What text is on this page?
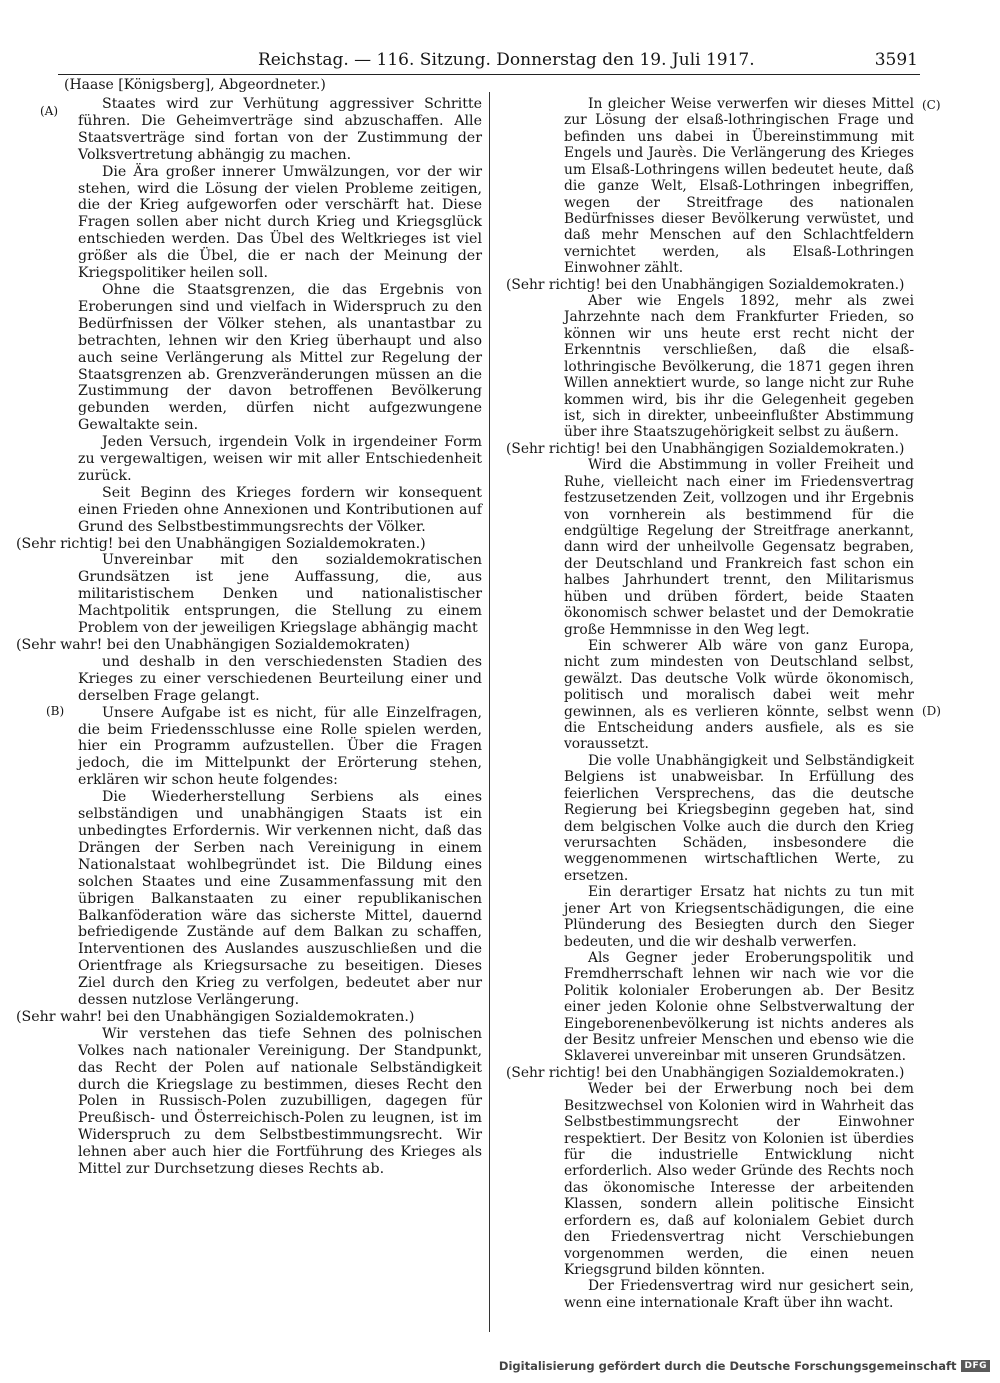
Reichstag. — 116. Sitzung. Donnerstag den 19. Juli 1917.	3591
(Haase [Königsberg], Abgeordneter.)
(A)
(B)
(C)
(D)

Staates wird zur Verhütung aggressiver Schritte führen. Die Geheimverträge sind abzuschaffen. Alle Staatsverträge sind fortan von der Zustimmung der Volksvertretung abhängig zu machen.

Die Ära großer innerer Umwälzungen, vor der wir stehen, wird die Lösung der vielen Probleme zeitigen, die der Krieg aufgeworfen oder verschärft hat. Diese Fragen sollen aber nicht durch Krieg und Kriegsglück entschieden werden. Das Übel des Weltkrieges ist viel größer als die Übel, die er nach der Meinung der Kriegspolitiker heilen soll.

Ohne die Staatsgrenzen, die das Ergebnis von Eroberungen sind und vielfach in Widerspruch zu den Bedürfnissen der Völker stehen, als unantastbar zu betrachten, lehnen wir den Krieg überhaupt und also auch seine Verlängerung als Mittel zur Regelung der Staatsgrenzen ab. Grenzveränderungen müssen an die Zustimmung der davon betroffenen Bevölkerung gebunden werden, dürfen nicht aufgezwungene Gewaltakte sein.

Jeden Versuch, irgendein Volk in irgendeiner Form zu vergewaltigen, weisen wir mit aller Entschiedenheit zurück.

Seit Beginn des Krieges fordern wir konsequent einen Frieden ohne Annexionen und Kontributionen auf Grund des Selbstbestimmungsrechts der Völker.

(Sehr richtig! bei den Unabhängigen Sozialdemokraten.)

Unvereinbar mit den sozialdemokratischen Grundsätzen ist jene Auffassung, die, aus militaristischem Denken und nationalistischer Machtpolitik entsprungen, die Stellung zu einem Problem von der jeweiligen Kriegslage abhängig macht

(Sehr wahr! bei den Unabhängigen Sozialdemokraten)

und deshalb in den verschiedensten Stadien des Krieges zu einer verschiedenen Beurteilung einer und derselben Frage gelangt.

Unsere Aufgabe ist es nicht, für alle Einzelfragen, die beim Friedensschlusse eine Rolle spielen werden, hier ein Programm aufzustellen. Über die Fragen jedoch, die im Mittelpunkt der Erörterung stehen, erklären wir schon heute folgendes:

Die Wiederherstellung Serbiens als eines selbständigen und unabhängigen Staats ist ein unbedingtes Erfordernis. Wir verkennen nicht, daß das Drängen der Serben nach Vereinigung in einem Nationalstaat wohlbegründet ist. Die Bildung eines solchen Staates und eine Zusammenfassung mit den übrigen Balkanstaaten zu einer republikanischen Balkanföderation wäre das sicherste Mittel, dauernd befriedigende Zustände auf dem Balkan zu schaffen, Interventionen des Auslandes auszuschließen und die Orientfrage als Kriegsursache zu beseitigen. Dieses Ziel durch den Krieg zu verfolgen, bedeutet aber nur dessen nutzlose Verlängerung.

(Sehr wahr! bei den Unabhängigen Sozialdemokraten.)

Wir verstehen das tiefe Sehnen des polnischen Volkes nach nationaler Vereinigung. Der Standpunkt, das Recht der Polen auf nationale Selbständigkeit durch die Kriegslage zu bestimmen, dieses Recht den Polen in Russisch-Polen zuzubilligen, dagegen für Preußisch- und Österreichisch-Polen zu leugnen, ist im Widerspruch zu dem Selbstbestimmungsrecht. Wir lehnen aber auch hier die Fortführung des Krieges als Mittel zur Durchsetzung dieses Rechts ab.

In gleicher Weise verwerfen wir dieses Mittel zur Lösung der elsaß-lothringischen Frage und befinden uns dabei in Übereinstimmung mit Engels und Jaurès. Die Verlängerung des Krieges um Elsaß-Lothringens willen bedeutet heute, daß die ganze Welt, Elsaß-Lothringen inbegriffen, wegen der Streitfrage des nationalen Bedürfnisses dieser Bevölkerung verwüstet, und daß mehr Menschen auf den Schlachtfeldern vernichtet werden, als Elsaß-Lothringen Einwohner zählt.

(Sehr richtig! bei den Unabhängigen Sozialdemokraten.)

Aber wie Engels 1892, mehr als zwei Jahrzehnte nach dem Frankfurter Frieden, so können wir uns heute erst recht nicht der Erkenntnis verschließen, daß die elsaß-lothringische Bevölkerung, die 1871 gegen ihren Willen annektiert wurde, so lange nicht zur Ruhe kommen wird, bis ihr die Gelegenheit gegeben ist, sich in direkter, unbeeinflußter Abstimmung über ihre Staatszugehörigkeit selbst zu äußern.

(Sehr richtig! bei den Unabhängigen Sozialdemokraten.)

Wird die Abstimmung in voller Freiheit und Ruhe, vielleicht nach einer im Friedensvertrag festzusetzenden Zeit, vollzogen und ihr Ergebnis von vornherein als bestimmend für die endgültige Regelung der Streitfrage anerkannt, dann wird der unheilvolle Gegensatz begraben, der Deutschland und Frankreich fast schon ein halbes Jahrhundert trennt, den Militarismus hüben und drüben fördert, beide Staaten ökonomisch schwer belastet und der Demokratie große Hemmnisse in den Weg legt.

Ein schwerer Alb wäre von ganz Europa, nicht zum mindesten von Deutschland selbst, gewälzt. Das deutsche Volk würde ökonomisch, politisch und moralisch dabei weit mehr gewinnen, als es verlieren könnte, selbst wenn die Entscheidung anders ausfiele, als es sie voraussetzt.

Die volle Unabhängigkeit und Selbständigkeit Belgiens ist unabweisbar. In Erfüllung des feierlichen Versprechens, das die deutsche Regierung bei Kriegsbeginn gegeben hat, sind dem belgischen Volke auch die durch den Krieg verursachten Schäden, insbesondere die weggenommenen wirtschaftlichen Werte, zu ersetzen.

Ein derartiger Ersatz hat nichts zu tun mit jener Art von Kriegsentschädigungen, die eine Plünderung des Besiegten durch den Sieger bedeuten, und die wir deshalb verwerfen.

Als Gegner jeder Eroberungspolitik und Fremdherrschaft lehnen wir nach wie vor die Politik kolonialer Eroberungen ab. Der Besitz einer jeden Kolonie ohne Selbstverwaltung der Eingeborenenbevölkerung ist nichts anderes als der Besitz unfreier Menschen und ebenso wie die Sklaverei unvereinbar mit unseren Grundsätzen.

(Sehr richtig! bei den Unabhängigen Sozialdemokraten.)

Weder bei der Erwerbung noch bei dem Besitzwechsel von Kolonien wird in Wahrheit das Selbstbestimmungsrecht der Einwohner respektiert. Der Besitz von Kolonien ist überdies für die industrielle Entwicklung nicht erforderlich. Also weder Gründe des Rechts noch das ökonomische Interesse der arbeitenden Klassen, sondern allein politische Einsicht erfordern es, daß auf kolonialem Gebiet durch den Friedensvertrag nicht Verschiebungen vorgenommen werden, die einen neuen Kriegsgrund bilden könnten.

Der Friedensvertrag wird nur gesichert sein, wenn eine internationale Kraft über ihn wacht.

Digitalisierung gefördert durch die Deutsche Forschungsgemeinschaft DFG
